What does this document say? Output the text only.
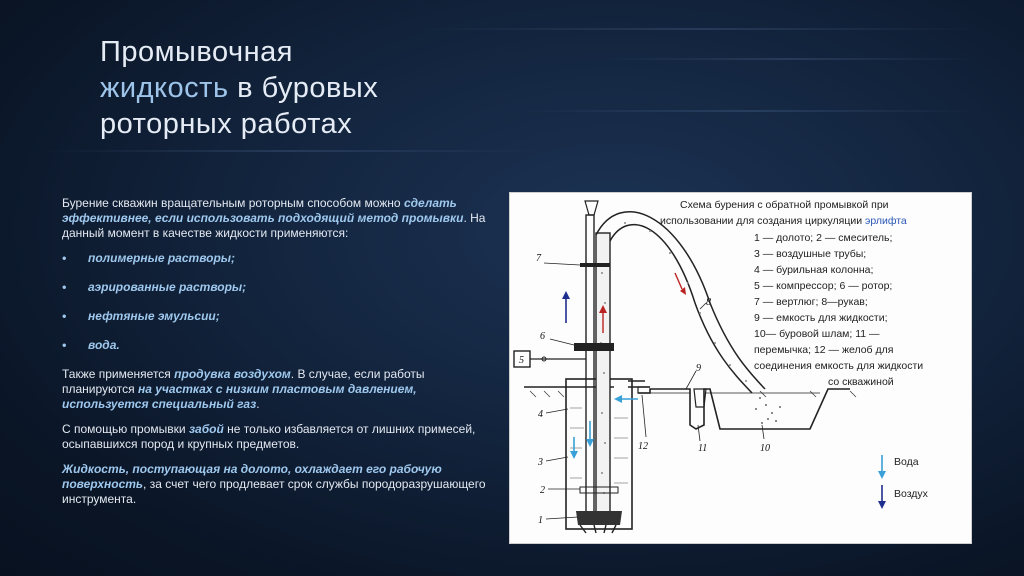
Промывочная
жидкость в буровых
роторных работах

Бурение скважин вращательным роторным способом можно сделать эффективнее, если использовать подходящий метод промывки. На данный момент в качестве жидкости применяются:

• полимерные растворы;
• аэрированные растворы;
• нефтяные эмульсии;
• вода.

Также применяется продувка воздухом. В случае, если работы планируются на участках с низким пластовым давлением, используется специальный газ.

С помощью промывки забой не только избавляется от лишних примесей, осыпавшихся пород и крупных предметов.

Жидкость, поступающая на долото, охлаждает его рабочую поверхность, за счет чего продлевает срок службы породоразрушающего инструмента.

Схема бурения с обратной промывкой при
использовании для создания циркуляции эрлифта
1 — долото; 2 — смеситель;
3 — воздушные трубы;
4 — бурильная колонна;
5 — компрессор; 6 — ротор;
7 — вертлюг; 8—рукав;
9 — емкость для жидкости;
10— буровой шлам; 11 —
перемычка; 12 — желоб для
соединения емкость для жидкости
со скважиной
5
7
6
4
3
2
1
8
9
10
11
12
Вода
Воздух
